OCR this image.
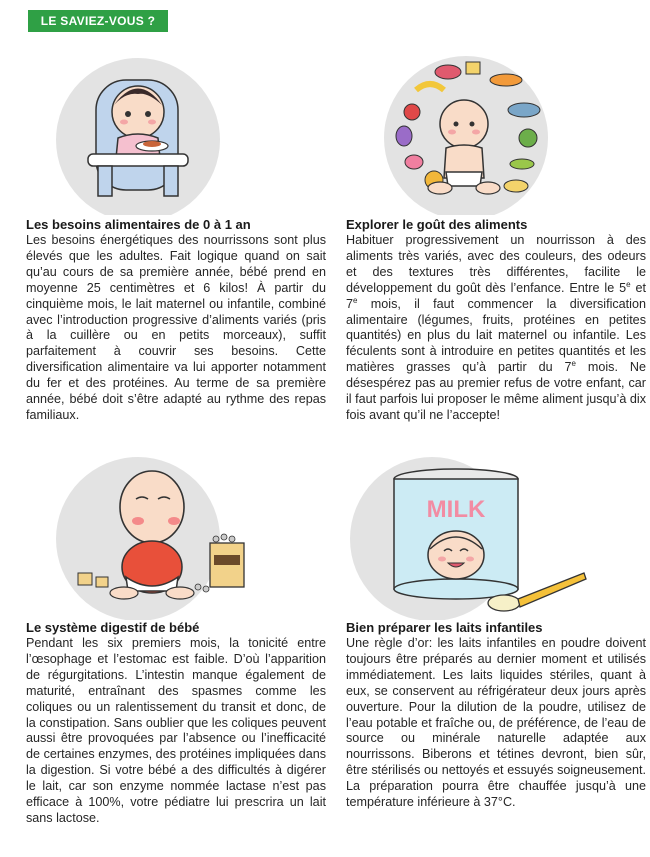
LE SAVIEZ-VOUS ?

Les besoins alimentaires de 0 à 1 an

Les besoins énergétiques des nourrissons sont plus élevés que les adultes. Fait logique quand on sait qu’au cours de sa première année, bébé prend en moyenne 25 centimètres et 6 kilos! À partir du cinquième mois, le lait maternel ou infantile, combiné avec l’introduction progressive d’aliments variés (pris à la cuillère ou en petits morceaux), suffit parfaitement à couvrir ses besoins. Cette diversification alimentaire va lui apporter notamment du fer et des protéines. Au terme de sa première année, bébé doit s’être adapté au rythme des repas familiaux.

Explorer le goût des aliments

Habituer progressivement un nourrisson à des aliments très variés, avec des couleurs, des odeurs et des textures très différentes, facilite le développement du goût dès l’enfance. Entre le 5e et 7e mois, il faut commencer la diversification alimentaire (légumes, fruits, protéines en petites quantités) en plus du lait maternel ou infantile. Les féculents sont à introduire en petites quantités et les matières grasses qu’à partir du 7e mois. Ne désespérez pas au premier refus de votre enfant, car il faut parfois lui proposer le même aliment jusqu’à dix fois avant qu’il ne l’accepte!

Le système digestif de bébé

Pendant les six premiers mois, la tonicité entre l’œsophage et l’estomac est faible. D’où l’apparition de régurgitations. L’intestin manque également de maturité, entraînant des spasmes comme les coliques ou un ralentissement du transit et donc, de la constipation. Sans oublier que les coliques peuvent aussi être provoquées par l’absence ou l’inefficacité de certaines enzymes, des protéines impliquées dans la digestion. Si votre bébé a des difficultés à digérer le lait, car son enzyme nommée lactase n’est pas efficace à 100%, votre pédiatre lui prescrira un lait sans lactose.

MILK

Bien préparer les laits infantiles

Une règle d’or: les laits infantiles en poudre doivent toujours être préparés au dernier moment et utilisés immédiatement. Les laits liquides stériles, quant à eux, se conservent au réfrigérateur deux jours après ouverture. Pour la dilution de la poudre, utilisez de l’eau potable et fraîche ou, de préférence, de l’eau de source ou minérale naturelle adaptée aux nourrissons. Biberons et tétines devront, bien sûr, être stérilisés ou nettoyés et essuyés soigneusement. La préparation pourra être chauffée jusqu’à une température inférieure à 37°C.
